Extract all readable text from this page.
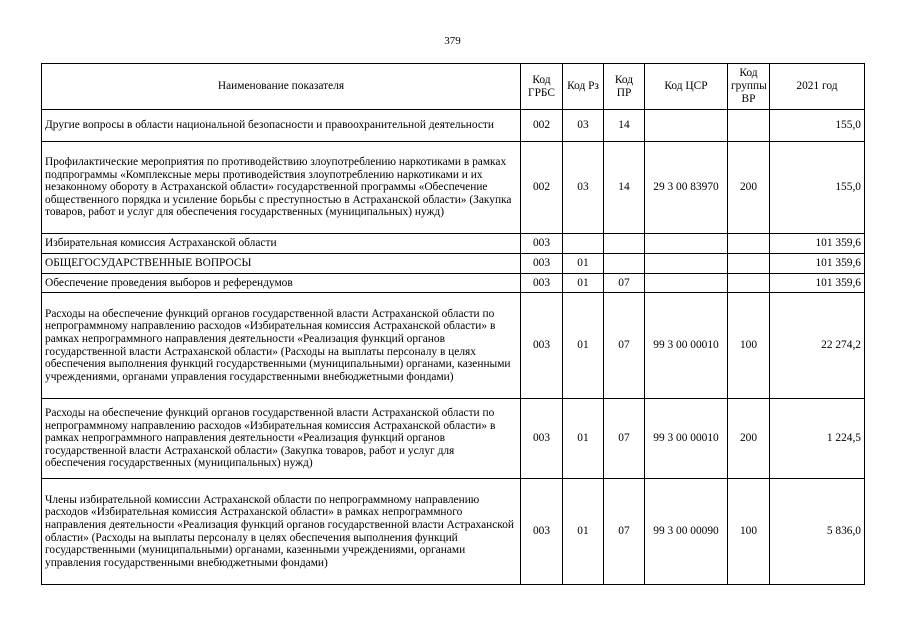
379
Наименование показателя	Код ГРБС	Код Рз	Код ПР	Код ЦСР	Код группы ВР	2021 год
Другие вопросы в области национальной безопасности и правоохранительной деятельности	002	03	14			155,0
Профилактические мероприятия по противодействию злоупотреблению наркотиками в рамках подпрограммы «Комплексные меры противодействия злоупотреблению наркотиками и их незаконному обороту в Астраханской области» государственной программы «Обеспечение общественного порядка и усиление борьбы с преступностью в Астраханской области» (Закупка товаров, работ и услуг для обеспечения государственных (муниципальных) нужд)	002	03	14	29 3 00 83970	200	155,0
Избирательная комиссия Астраханской области	003					101 359,6
ОБЩЕГОСУДАРСТВЕННЫЕ ВОПРОСЫ	003	01				101 359,6
Обеспечение проведения выборов и референдумов	003	01	07			101 359,6
Расходы на обеспечение функций органов государственной власти Астраханской области по непрограммному направлению расходов «Избирательная комиссия Астраханской области» в рамках непрограммного направления деятельности «Реализация функций органов государственной власти Астраханской области» (Расходы на выплаты персоналу в целях обеспечения выполнения функций государственными (муниципальными) органами, казенными учреждениями, органами управления государственными внебюджетными фондами)	003	01	07	99 3 00 00010	100	22 274,2
Расходы на обеспечение функций органов государственной власти Астраханской области по непрограммному направлению расходов «Избирательная комиссия Астраханской области» в рамках непрограммного направления деятельности «Реализация функций органов государственной власти Астраханской области» (Закупка товаров, работ и услуг для обеспечения государственных (муниципальных) нужд)	003	01	07	99 3 00 00010	200	1 224,5
Члены избирательной комиссии Астраханской области по непрограммному направлению расходов «Избирательная комиссия Астраханской области» в рамках непрограммного направления деятельности «Реализация функций органов государственной власти Астраханской области» (Расходы на выплаты персоналу в целях обеспечения выполнения функций государственными (муниципальными) органами, казенными учреждениями, органами управления государственными внебюджетными фондами)	003	01	07	99 3 00 00090	100	5 836,0
